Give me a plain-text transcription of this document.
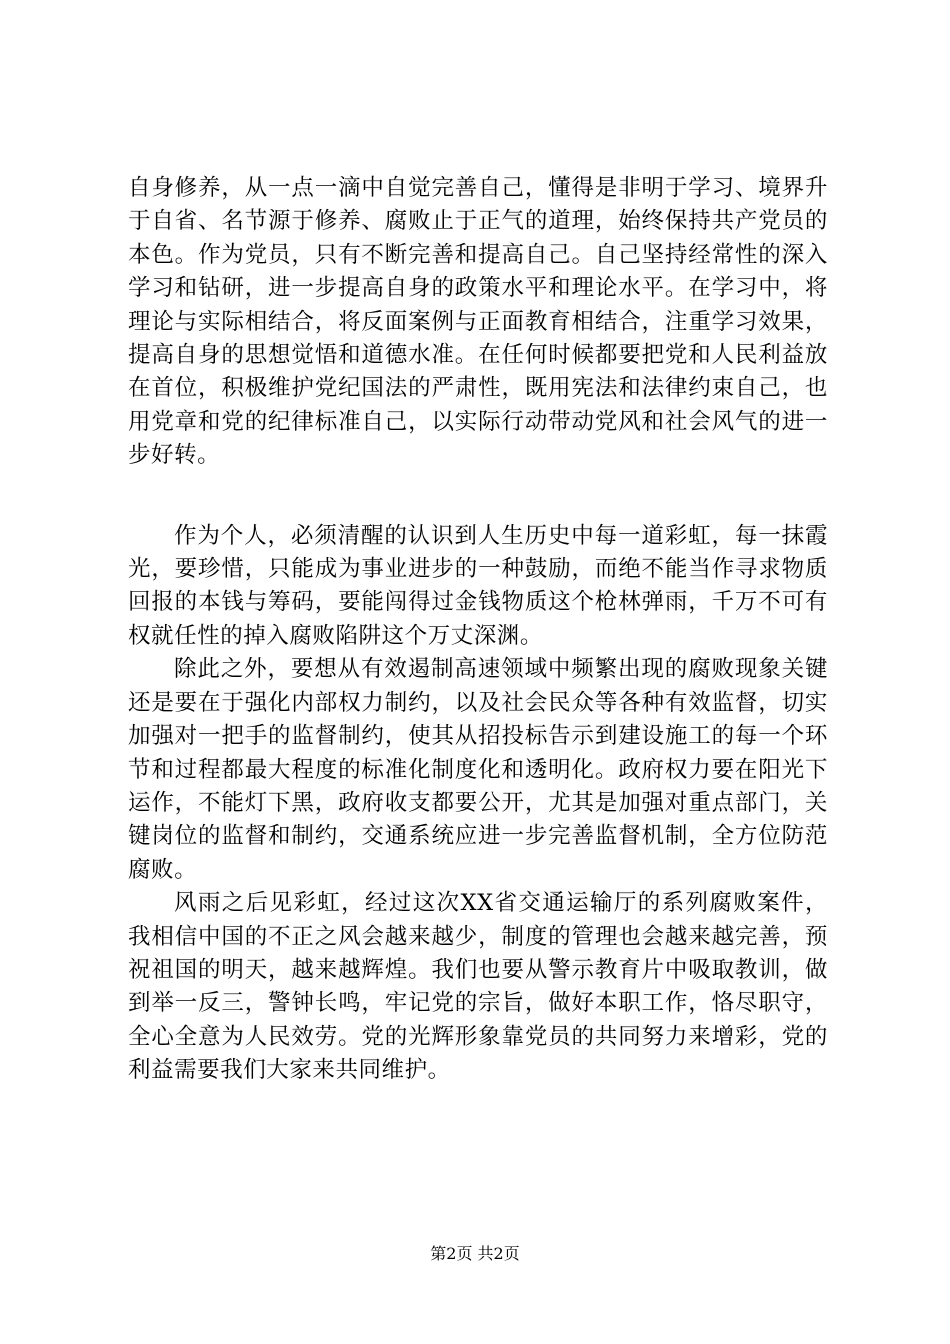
自身修养，从一点一滴中自觉完善自己，懂得是非明于学习、境界升于自省、名节源于修养、腐败止于正气的道理，始终保持共产党员的本色。作为党员，只有不断完善和提高自己。自己坚持经常性的深入学习和钻研，进一步提高自身的政策水平和理论水平。在学习中，将理论与实际相结合，将反面案例与正面教育相结合，注重学习效果，提高自身的思想觉悟和道德水准。在任何时候都要把党和人民利益放在首位，积极维护党纪国法的严肃性，既用宪法和法律约束自己，也用党章和党的纪律标准自己，以实际行动带动党风和社会风气的进一步好转。

作为个人，必须清醒的认识到人生历史中每一道彩虹，每一抹霞光，要珍惜，只能成为事业进步的一种鼓励，而绝不能当作寻求物质回报的本钱与筹码，要能闯得过金钱物质这个枪林弹雨，千万不可有权就任性的掉入腐败陷阱这个万丈深渊。

除此之外，要想从有效遏制高速领域中频繁出现的腐败现象关键还是要在于强化内部权力制约，以及社会民众等各种有效监督，切实加强对一把手的监督制约，使其从招投标告示到建设施工的每一个环节和过程都最大程度的标准化制度化和透明化。政府权力要在阳光下运作，不能灯下黑，政府收支都要公开，尤其是加强对重点部门，关键岗位的监督和制约，交通系统应进一步完善监督机制，全方位防范腐败。

风雨之后见彩虹，经过这次XX省交通运输厅的系列腐败案件，我相信中国的不正之风会越来越少，制度的管理也会越来越完善，预祝祖国的明天，越来越辉煌。我们也要从警示教育片中吸取教训，做到举一反三，警钟长鸣，牢记党的宗旨，做好本职工作，恪尽职守，全心全意为人民效劳。党的光辉形象靠党员的共同努力来增彩，党的利益需要我们大家来共同维护。

第2页 共2页
